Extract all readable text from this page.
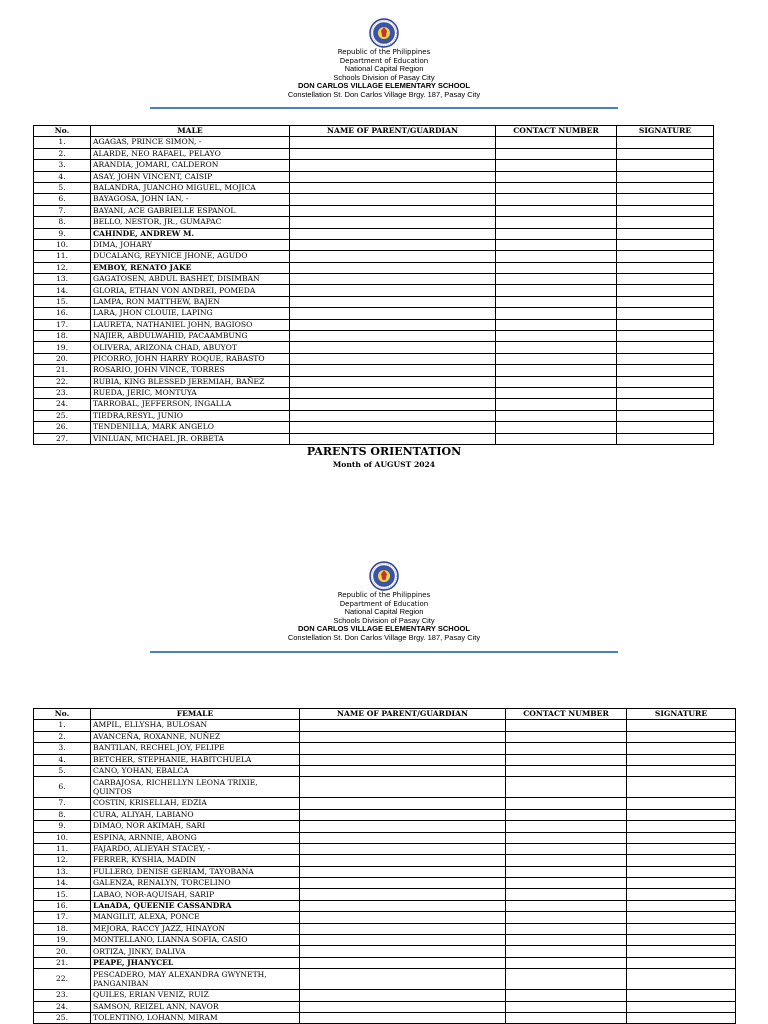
Republic of the Philippines
Department of Education
National Capital Region
Schools Division of Pasay City
DON CARLOS VILLAGE ELEMENTARY SCHOOL
Constellation St. Don Carlos Village Brgy. 187, Pasay City
No.	MALE	NAME OF PARENT/GUARDIAN	CONTACT NUMBER	SIGNATURE
1.	AGAGAS, PRINCE SIMON, -			
2.	ALARDE, NEO RAFAEL, PELAYO			
3.	ARANDIA, JOMARI, CALDERON			
4.	ASAY, JOHN VINCENT, CAISIP			
5.	BALANDRA, JUANCHO MIGUEL, MOJICA			
6.	BAYAGOSA, JOHN IAN, -			
7.	BAYANI, ACE GABRIELLE ESPANOL			
8.	BELLO, NESTOR, JR., GUMAPAC			
9.	CAHINDE, ANDREW M.			
10.	DIMA, JOHARY			
11.	DUCALANG, REYNICE JHONE, AGUDO			
12.	EMBOY, RENATO JAKE			
13.	GAGATOSEN, ABDUL BASHET, DISIMBAN			
14.	GLORIA, ETHAN VON ANDREI, POMEDA			
15.	LAMPA, RON MATTHEW, BAJEN			
16.	LARA, JHON CLOUIE, LAPING			
17.	LAURETA, NATHANIEL JOHN, BAGIOSO			
18.	NAJIER, ABDULWAHID, PACAAMBUNG			
19.	OLIVERA, ARIZONA CHAD, ABUYOT			
20.	PICORRO, JOHN HARRY ROQUE, RABASTO			
21.	ROSARIO, JOHN VINCE, TORRES			
22.	RUBIA, KING BLESSED JEREMIAH, BAÑEZ			
23.	RUEDA, JERIC, MONTUYA			
24.	TARROBAL, JEFFERSON, INGALLA			
25.	TIEDRA,RESYL, JUNIO			
26.	TENDENILLA, MARK ANGELO			
27.	VINLUAN, MICHAEL JR. ORBETA			
PARENTS ORIENTATION
Month of AUGUST 2024
Republic of the Philippines
Department of Education
National Capital Region
Schools Division of Pasay City
DON CARLOS VILLAGE ELEMENTARY SCHOOL
Constellation St. Don Carlos Village Brgy. 187, Pasay City
No.	FEMALE	NAME OF PARENT/GUARDIAN	CONTACT NUMBER	SIGNATURE
1.	AMPIL, ELLYSHA, BULOSAN			
2.	AVANCEÑA, ROXANNE, NUÑEZ			
3.	BANTILAN, RECHEL JOY, FELIPE			
4.	BETCHER, STEPHANIE, HABITCHUELA			
5.	CANO, YOHAN, EBALCA			
6.	CARBAJOSA, RICHELLYN LEONA TRIXIE, QUINTOS			
7.	COSTIN, KRISELLAH, EDZIA			
8.	CURA, ALIYAH, LABIANO			
9.	DIMAO, NOR AKIMAH, SARI			
10.	ESPINA, ARNNIE, ABONG			
11.	FAJARDO, ALIEYAH STACEY, -			
12.	FERRER, KYSHIA, MADIN			
13.	FULLERO, DENISE GERIAM, TAYOBANA			
14.	GALENZA, RENALYN, TORCELINO			
15.	LABAO, NOR-AQUISAH, SARIP			
16.	LAnADA, QUEENIE CASSANDRA			
17.	MANGILIT, ALEXA, PONCE			
18.	MEJORA, RACCY JAZZ, HINAYON			
19.	MONTELLANO, LIANNA SOFIA, CASIO			
20.	ORTIZA, JINKY, DALIVA			
21.	PEAPE, JHANYCEL			
22.	PESCADERO, MAY ALEXANDRA GWYNETH, PANGANIBAN			
23.	QUILES, ERIAN VENIZ, RUIZ			
24.	SAMSON, REIZEL ANN, NAVOR			
25.	TOLENTINO, LOHANN, MIRAM			
